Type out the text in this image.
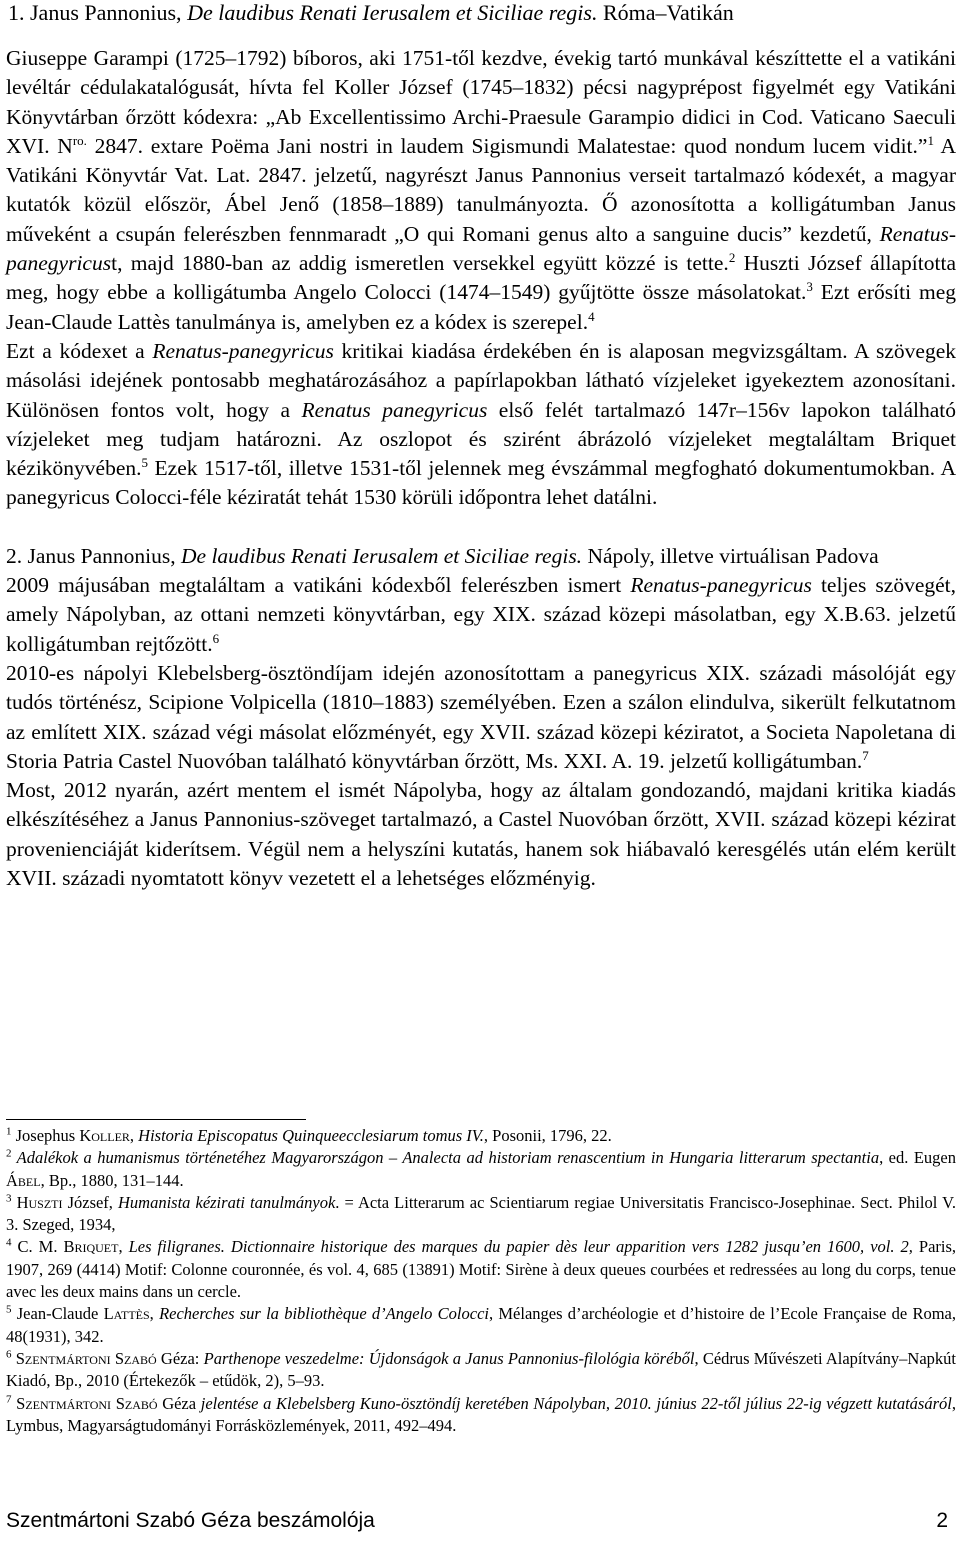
1. Janus Pannonius, De laudibus Renati Ierusalem et Siciliae regis. Róma–Vatikán

Giuseppe Garampi (1725–1792) bíboros, aki 1751-től kezdve, évekig tartó munkával készíttette el a vatikáni levéltár cédulakatalógusát, hívta fel Koller József (1745–1832) pécsi nagyprépost figyelmét egy Vatikáni Könyvtárban őrzött kódexra: „Ab Excellentissimo Archi-Praesule Garampio didici in Cod. Vaticano Saeculi XVI. $N^{ro.}$ 2847. extare Poëma Jani nostri in laudem Sigismundi Malatestae: quod nondum lucem vidit.”$^1$ A Vatikáni Könyvtár Vat. Lat. 2847. jelzetű, nagyrészt Janus Pannonius verseit tartalmazó kódexét, a magyar kutatók közül először, Ábel Jenő (1858–1889) tanulmányozta. Ő azonosította a kolligátumban Janus műveként a csupán felerészben fennmaradt „O qui Romani genus alto a sanguine ducis” kezdetű, Renatus-panegyricust, majd 1880-ban az addig ismeretlen versekkel együtt közzé is tette.$^2$ Huszti József állapította meg, hogy ebbe a kolligátumba Angelo Colocci (1474–1549) gyűjtötte össze másolatokat.$^3$ Ezt erősíti meg Jean-Claude Lattès tanulmánya is, amelyben ez a kódex is szerepel.$^4$

Ezt a kódexet a Renatus-panegyricus kritikai kiadása érdekében én is alaposan megvizsgáltam. A szövegek másolási idejének pontosabb meghatározásához a papírlapokban látható vízjeleket igyekeztem azonosítani. Különösen fontos volt, hogy a Renatus panegyricus első felét tartalmazó 147r–156v lapokon található vízjeleket meg tudjam határozni. Az oszlopot és szirént ábrázoló vízjeleket megtaláltam Briquet kézikönyvében.$^5$ Ezek 1517-től, illetve 1531-től jelennek meg évszámmal megfogható dokumentumokban. A panegyricus Colocci-féle kéziratát tehát 1530 körüli időpontra lehet datálni.

2. Janus Pannonius, De laudibus Renati Ierusalem et Siciliae regis. Nápoly, illetve virtuálisan Padova

2009 májusában megtaláltam a vatikáni kódexből felerészben ismert Renatus-panegyricus teljes szövegét, amely Nápolyban, az ottani nemzeti könyvtárban, egy XIX. század közepi másolatban, egy X.B.63. jelzetű kolligátumban rejtőzött.$^6$

2010-es nápolyi Klebelsberg-ösztöndíjam idején azonosítottam a panegyricus XIX. századi másolóját egy tudós történész, Scipione Volpicella (1810–1883) személyében. Ezen a szálon elindulva, sikerült felkutatnom az említett XIX. század végi másolat előzményét, egy XVII. század közepi kéziratot, a Societa Napoletana di Storia Patria Castel Nuovóban található könyvtárban őrzött, Ms. XXI. A. 19. jelzetű kolligátumban.$^7$

Most, 2012 nyarán, azért mentem el ismét Nápolyba, hogy az általam gondozandó, majdani kritika kiadás elkészítéséhez a Janus Pannonius-szöveget tartalmazó, a Castel Nuovóban őrzött, XVII. század közepi kézirat provenienciáját kiderítsem. Végül nem a helyszíni kutatás, hanem sok hiábavaló keresgélés után elém került XVII. századi nyomtatott könyv vezetett el a lehetséges előzményig.

$^1$ Josephus Koller, Historia Episcopatus Quinqueecclesiarum tomus IV., Posonii, 1796, 22.

$^2$ Adalékok a humanismus történetéhez Magyarországon – Analecta ad historiam renascentium in Hungaria litterarum spectantia, ed. Eugen Ábel, Bp., 1880, 131–144.

$^3$ Huszti József, Humanista kézirati tanulmányok. = Acta Litterarum ac Scientiarum regiae Universitatis Francisco-Josephinae. Sect. Philol V. 3. Szeged, 1934,

$^4$ C. M. Briquet, Les filigranes. Dictionnaire historique des marques du papier dès leur apparition vers 1282 jusqu’en 1600, vol. 2, Paris, 1907, 269 (4414) Motif: Colonne couronnée, és vol. 4, 685 (13891) Motif: Sirène à deux queues courbées et redressées au long du corps, tenue avec les deux mains dans un cercle.

$^5$ Jean-Claude Lattès, Recherches sur la bibliothèque d’Angelo Colocci, Mélanges d’archéologie et d’histoire de l’Ecole Française de Roma, 48(1931), 342.

$^6$ Szentmártoni Szabó Géza: Parthenope veszedelme: Újdonságok a Janus Pannonius-filológia köréből, Cédrus Művészeti Alapítvány–Napkút Kiadó, Bp., 2010 (Értekezők – etűdök, 2), 5–93.

$^7$ Szentmártoni Szabó Géza jelentése a Klebelsberg Kuno-ösztöndíj keretében Nápolyban, 2010. június 22-től július 22-ig végzett kutatásáról, Lymbus, Magyarságtudományi Forrásközlemények, 2011, 492–494.

Szentmártoni Szabó Géza beszámolója	2
